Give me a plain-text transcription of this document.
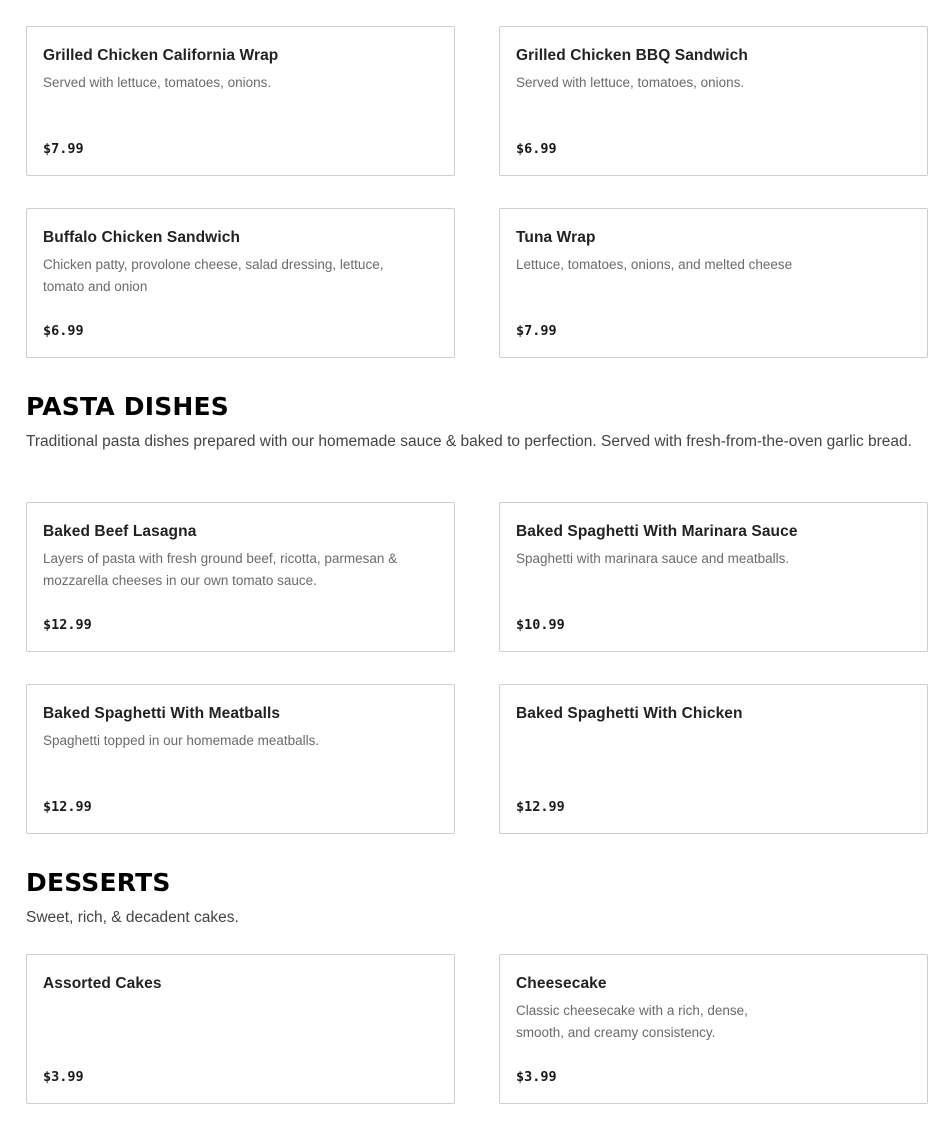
Grilled Chicken California Wrap
Served with lettuce, tomatoes, onions.
$7.99
Grilled Chicken BBQ Sandwich
Served with lettuce, tomatoes, onions.
$6.99
Buffalo Chicken Sandwich
Chicken patty, provolone cheese, salad dressing, lettuce, tomato and onion
$6.99
Tuna Wrap
Lettuce, tomatoes, onions, and melted cheese
$7.99
PASTA DISHES

Traditional pasta dishes prepared with our homemade sauce & baked to perfection. Served with fresh-from-the-oven garlic bread.

Baked Beef Lasagna
Layers of pasta with fresh ground beef, ricotta, parmesan & mozzarella cheeses in our own tomato sauce.
$12.99
Baked Spaghetti With Marinara Sauce
Spaghetti with marinara sauce and meatballs.
$10.99
Baked Spaghetti With Meatballs
Spaghetti topped in our homemade meatballs.
$12.99
Baked Spaghetti With Chicken
$12.99
DESSERTS

Sweet, rich, & decadent cakes.

Assorted Cakes
$3.99
Cheesecake
Classic cheesecake with a rich, dense, smooth, and creamy consistency.
$3.99
